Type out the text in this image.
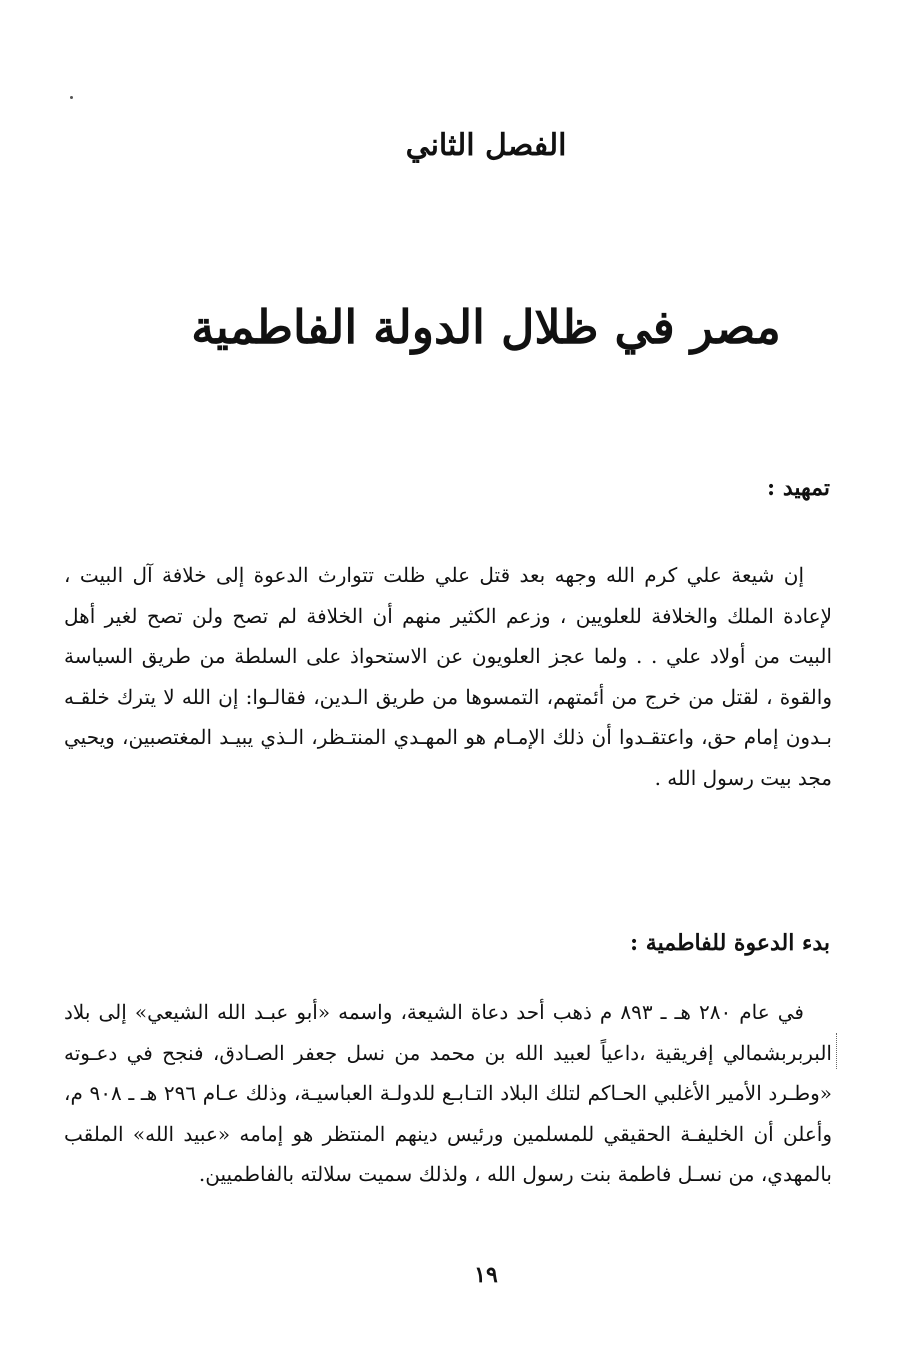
الفصل الثاني
مصر في ظلال الدولة الفاطمية
تمهيد :

إن شيعة علي كرم الله وجهه بعد قتل علي ظلت تتوارث الدعوة إلى خلافة آل البيت ، لإعادة الملك والخلافة للعلويين ، وزعم الكثير منهم أن الخلافة لم تصح ولن تصح لغير أهل البيت من أولاد علي . . ولما عجز العلويون عن الاستحواذ على السلطة من طريق السياسة والقوة ، لقتل من خرج من أئمتهم، التمسوها من طريق الـدين، فقالـوا: إن الله لا يترك خلقـه بـدون إمام حق، واعتقـدوا أن ذلك الإمـام هو المهـدي المنتـظر، الـذي يبيـد المغتصبين، ويحيي مجد بيت رسول الله .

بدء الدعوة للفاطمية :

في عام ٢٨٠ هـ ـ ٨٩٣ م ذهب أحد دعاة الشيعة، واسمه «أبو عبـد الله الشيعي» إلى بلاد البربربشمالي إفريقية ،داعياً لعبيد الله بن محمد من نسل جعفر الصـادق، فنجح في دعـوته «وطـرد الأمير الأغلبي الحـاكم لتلك البلاد التـابـع للدولـة العباسيـة، وذلك عـام ٢٩٦ هـ ـ ٩٠٨ م، وأعلن أن الخليفـة الحقيقي للمسلمين ورئيس دينهم المنتظر هو إمامه «عبيد الله» الملقب بالمهدي، من نسـل فاطمة بنت رسول الله ، ولذلك سميت سلالته بالفاطميين.

١٩
